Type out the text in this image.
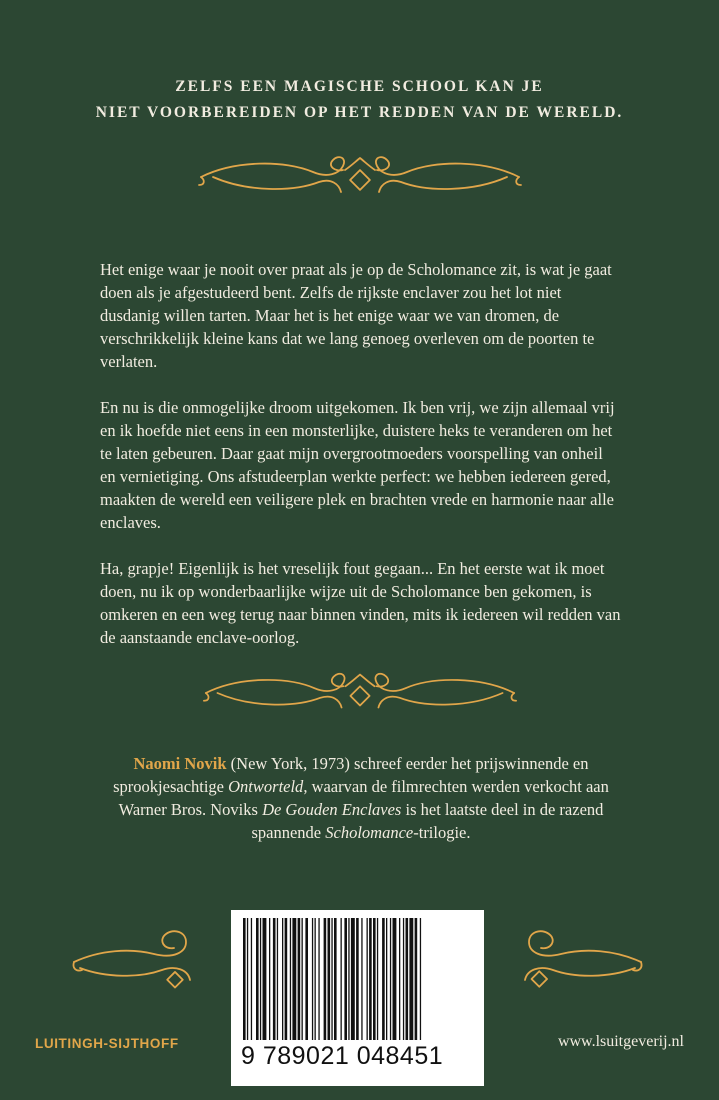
ZELFS EEN MAGISCHE SCHOOL KAN JE
NIET VOORBEREIDEN OP HET REDDEN VAN DE WERELD.

Het enige waar je nooit over praat als je op de Scholomance zit, is wat je gaat doen als je afgestudeerd bent. Zelfs de rijkste enclaver zou het lot niet dusdanig willen tarten. Maar het is het enige waar we van dromen, de verschrikkelijk kleine kans dat we lang genoeg overleven om de poorten te verlaten.

En nu is die onmogelijke droom uitgekomen. Ik ben vrij, we zijn allemaal vrij en ik hoefde niet eens in een monsterlijke, duistere heks te veranderen om het te laten gebeuren. Daar gaat mijn overgrootmoeders voorspelling van onheil en vernietiging. Ons afstudeerplan werkte perfect: we hebben iedereen gered, maakten de wereld een veiligere plek en brachten vrede en harmonie naar alle enclaves.

Ha, grapje! Eigenlijk is het vreselijk fout gegaan... En het eerste wat ik moet doen, nu ik op wonderbaarlijke wijze uit de Scholomance ben gekomen, is omkeren en een weg terug naar binnen vinden, mits ik iedereen wil redden van de aanstaande enclave-oorlog.

Naomi Novik (New York, 1973) schreef eerder het prijswinnende en sprookjesachtige Ontworteld, waarvan de filmrechten werden verkocht aan Warner Bros. Noviks De Gouden Enclaves is het laatste deel in de razend spannende Scholomance-trilogie.
9 789021 048451
LUITINGH-SIJTHOFF	www.lsuitgeverij.nl
